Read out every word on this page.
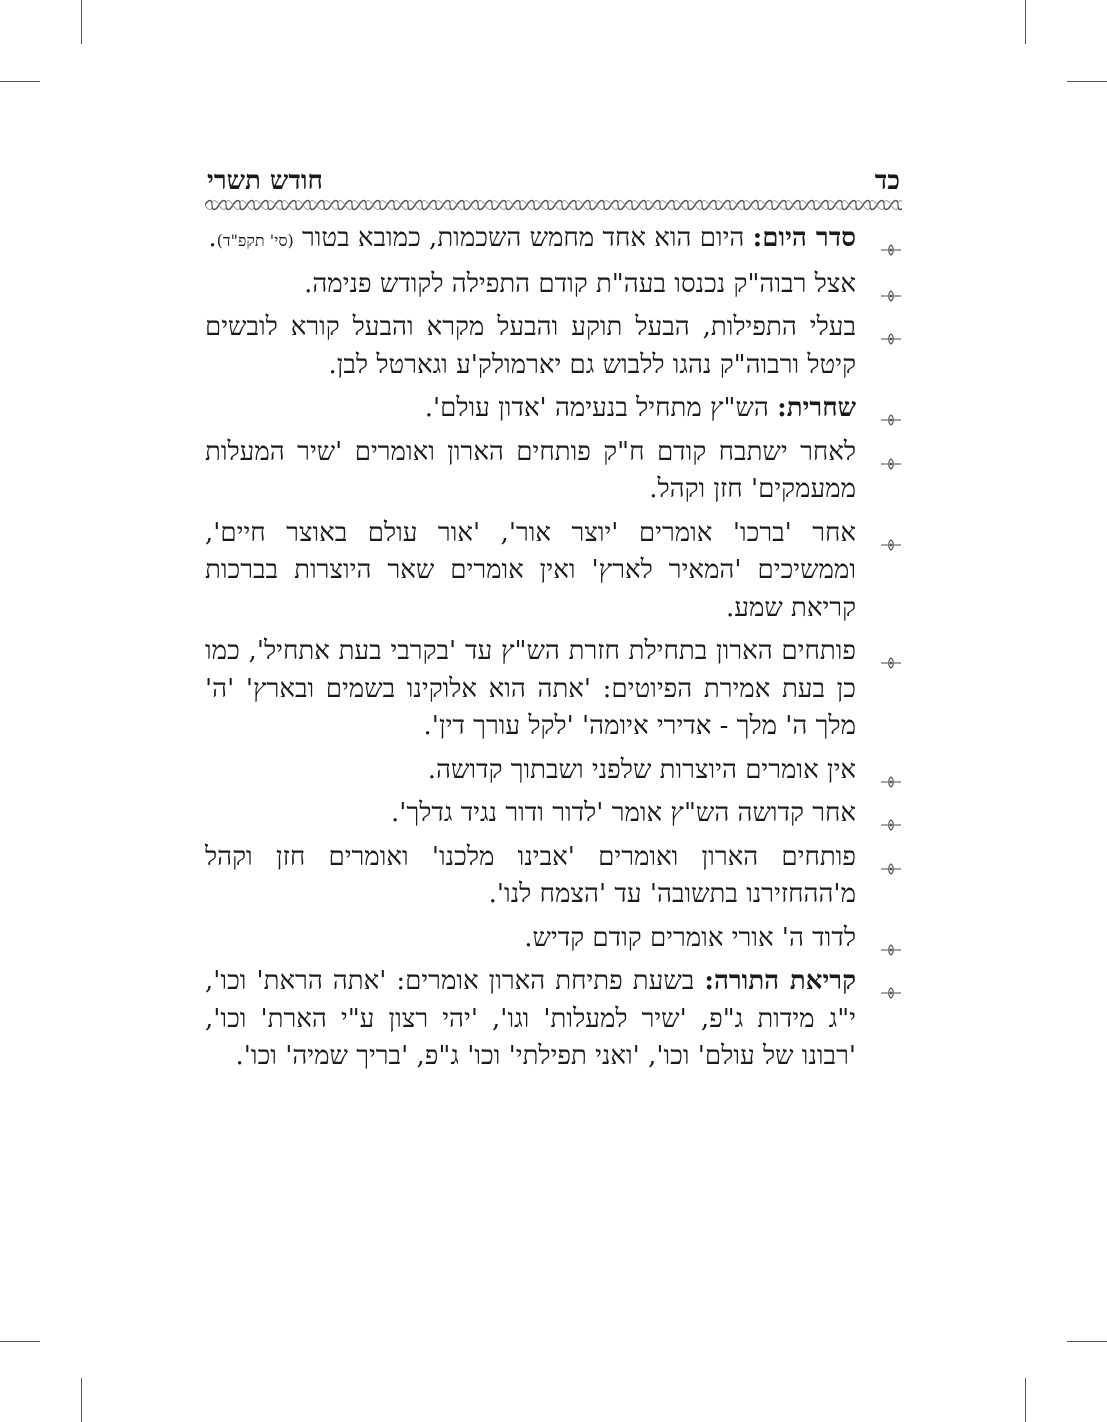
כד
חודש תשרי
סדר היום: היום הוא אחד מחמש השכמות, כמובא בטור (סי' תקפ"ד).
אצל רבוה"ק נכנסו בעה"ת קודם התפילה לקודש פנימה.
בעלי התפילות, הבעל תוקע והבעל מקרא והבעל קורא לובשים קיטל ורבוה"ק נהגו ללבוש גם יארמולק'ע וגארטל לבן.
שחרית: הש"ץ מתחיל בנעימה 'אדון עולם'.
לאחר ישתבח קודם ח"ק פותחים הארון ואומרים 'שיר המעלות ממעמקים' חזן וקהל.
אחר 'ברכו' אומרים 'יוצר אור', 'אור עולם באוצר חיים', וממשיכים 'המאיר לארץ' ואין אומרים שאר היוצרות בברכות קריאת שמע.
פותחים הארון בתחילת חזרת הש"ץ עד 'בקרבי בעת אתחיל', כמו כן בעת אמירת הפיוטים: 'אתה הוא אלוקינו בשמים ובארץ' 'ה' מלך ה' מלך - אדירי איומה' 'לקל עורך דין'.
אין אומרים היוצרות שלפני ושבתוך קדושה.
אחר קדושה הש"ץ אומר 'לדור ודור נגיד גדלך'.
פותחים הארון ואומרים 'אבינו מלכנו' ואומרים חזן וקהל מ'ההחזירנו בתשובה' עד 'הצמח לנו'.
לדוד ה' אורי אומרים קודם קדיש.
קריאת התורה: בשעת פתיחת הארון אומרים: 'אתה הראת' וכו', י"ג מידות ג"פ, 'שיר למעלות' וגו', 'יהי רצון ע"י הארת' וכו', 'רבונו של עולם' וכו', 'ואני תפילתי' וכו' ג"פ, 'בריך שמיה' וכו'.
